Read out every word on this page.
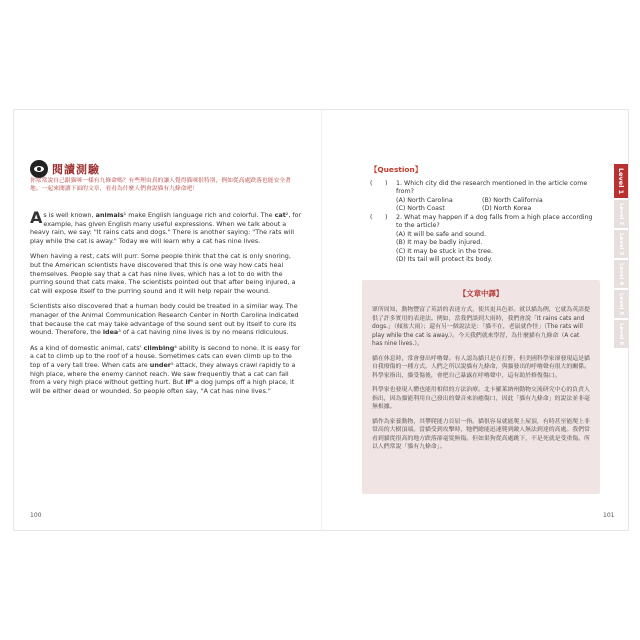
閱讀測驗
你常常說自己跟猫咪一樣有九條命嗎？有些理由真的讓人覺得猫咪很特別，例如從高處跌落也能安全著地。一起來閱讀下面的文章，看看為什麼人們會說猫有九條命吧！

As is well known, animals¹ make English language rich and colorful. The cat², for example, has given English many useful expressions. When we talk about a heavy rain, we say: "It rains cats and dogs." There is another saying: "The rats will play while the cat is away." Today we will learn why a cat has nine lives.

When having a rest, cats will purr. Some people think that the cat is only snoring, but the American scientists have discovered that this is one way how cats heal themselves. People say that a cat has nine lives, which has a lot to do with the purring sound that cats make. The scientists pointed out that after being injured, a cat will expose itself to the purring sound and it will help repair the wound.

Scientists also discovered that a human body could be treated in a similar way. The manager of the Animal Communication Research Center in North Carolina indicated that because the cat may take advantage of the sound sent out by itself to cure its wound. Therefore, the idea³ of a cat having nine lives is by no means ridiculous.

As a kind of domestic animal, cats' climbing⁴ ability is second to none. It is easy for a cat to climb up to the roof of a house. Sometimes cats can even climb up to the top of a very tall tree. When cats are under⁵ attack, they always crawl rapidly to a high place, where the enemy cannot reach. We saw frequently that a cat can fall from a very high place without getting hurt. But if⁶ a dog jumps off a high place, it will be either dead or wounded. So people often say, "A cat has nine lives."

100
【Question】
(　　)	1. Which city did the research mentioned in the article come from?
(A) North Carolina	(B) North California
(C) North Coast	(D) North Korea
(　　)	2. What may happen if a dog falls from a high place according to the article?
(A) It will be safe and sound.
(B) It may be badly injured.
(C) It may be stuck in the tree.
(D) Its tail will protect its body.
【文章中譯】

眾所周知，動物豐富了英語的表達方式，使其更具色彩。就以貓為例，它就為英語提供了許多實用的表達法。例如，當我們談到大雨時，我們會說「It rains cats and dogs.」（傾盆大雨）；還有另一個說法是：「貓不在，老鼠就作怪」（The rats will play while the cat is away.）。今天我們就來學習，為什麼貓有九條命（A cat has nine lives.）。

貓在休息時，常會發出呼嚕聲。有人認為貓只是在打鼾，但美國科學家卻發現這是貓自我療傷的一種方式。人們之所以說貓有九條命，與貓發出的呼嚕聲有很大的關係。科學家指出，貓受傷後，會把自己暴露在呼嚕聲中，這有助於修復傷口。

科學家也發現人體也能用相似的方法治療。北卡羅萊納州動物交流研究中心的負責人指出，因為貓能利用自己發出的聲音來治癒傷口，因此「貓有九條命」的說法並非毫無根據。

貓作為家養動物，其攀爬能力首屈一指。貓很容易就能爬上屋頂，有時甚至能爬上非常高的大樹頂端。當貓受到攻擊時，牠們總能迅速爬到敵人無法到達的高處。我們常看到貓從很高的地方跌落卻毫髮無傷。但如果狗從高處跳下，不是死就是受重傷。所以人們常說「貓有九條命」。

101
Level 1
Level 2
Level 3
Level 4
Level 5
Level 6
